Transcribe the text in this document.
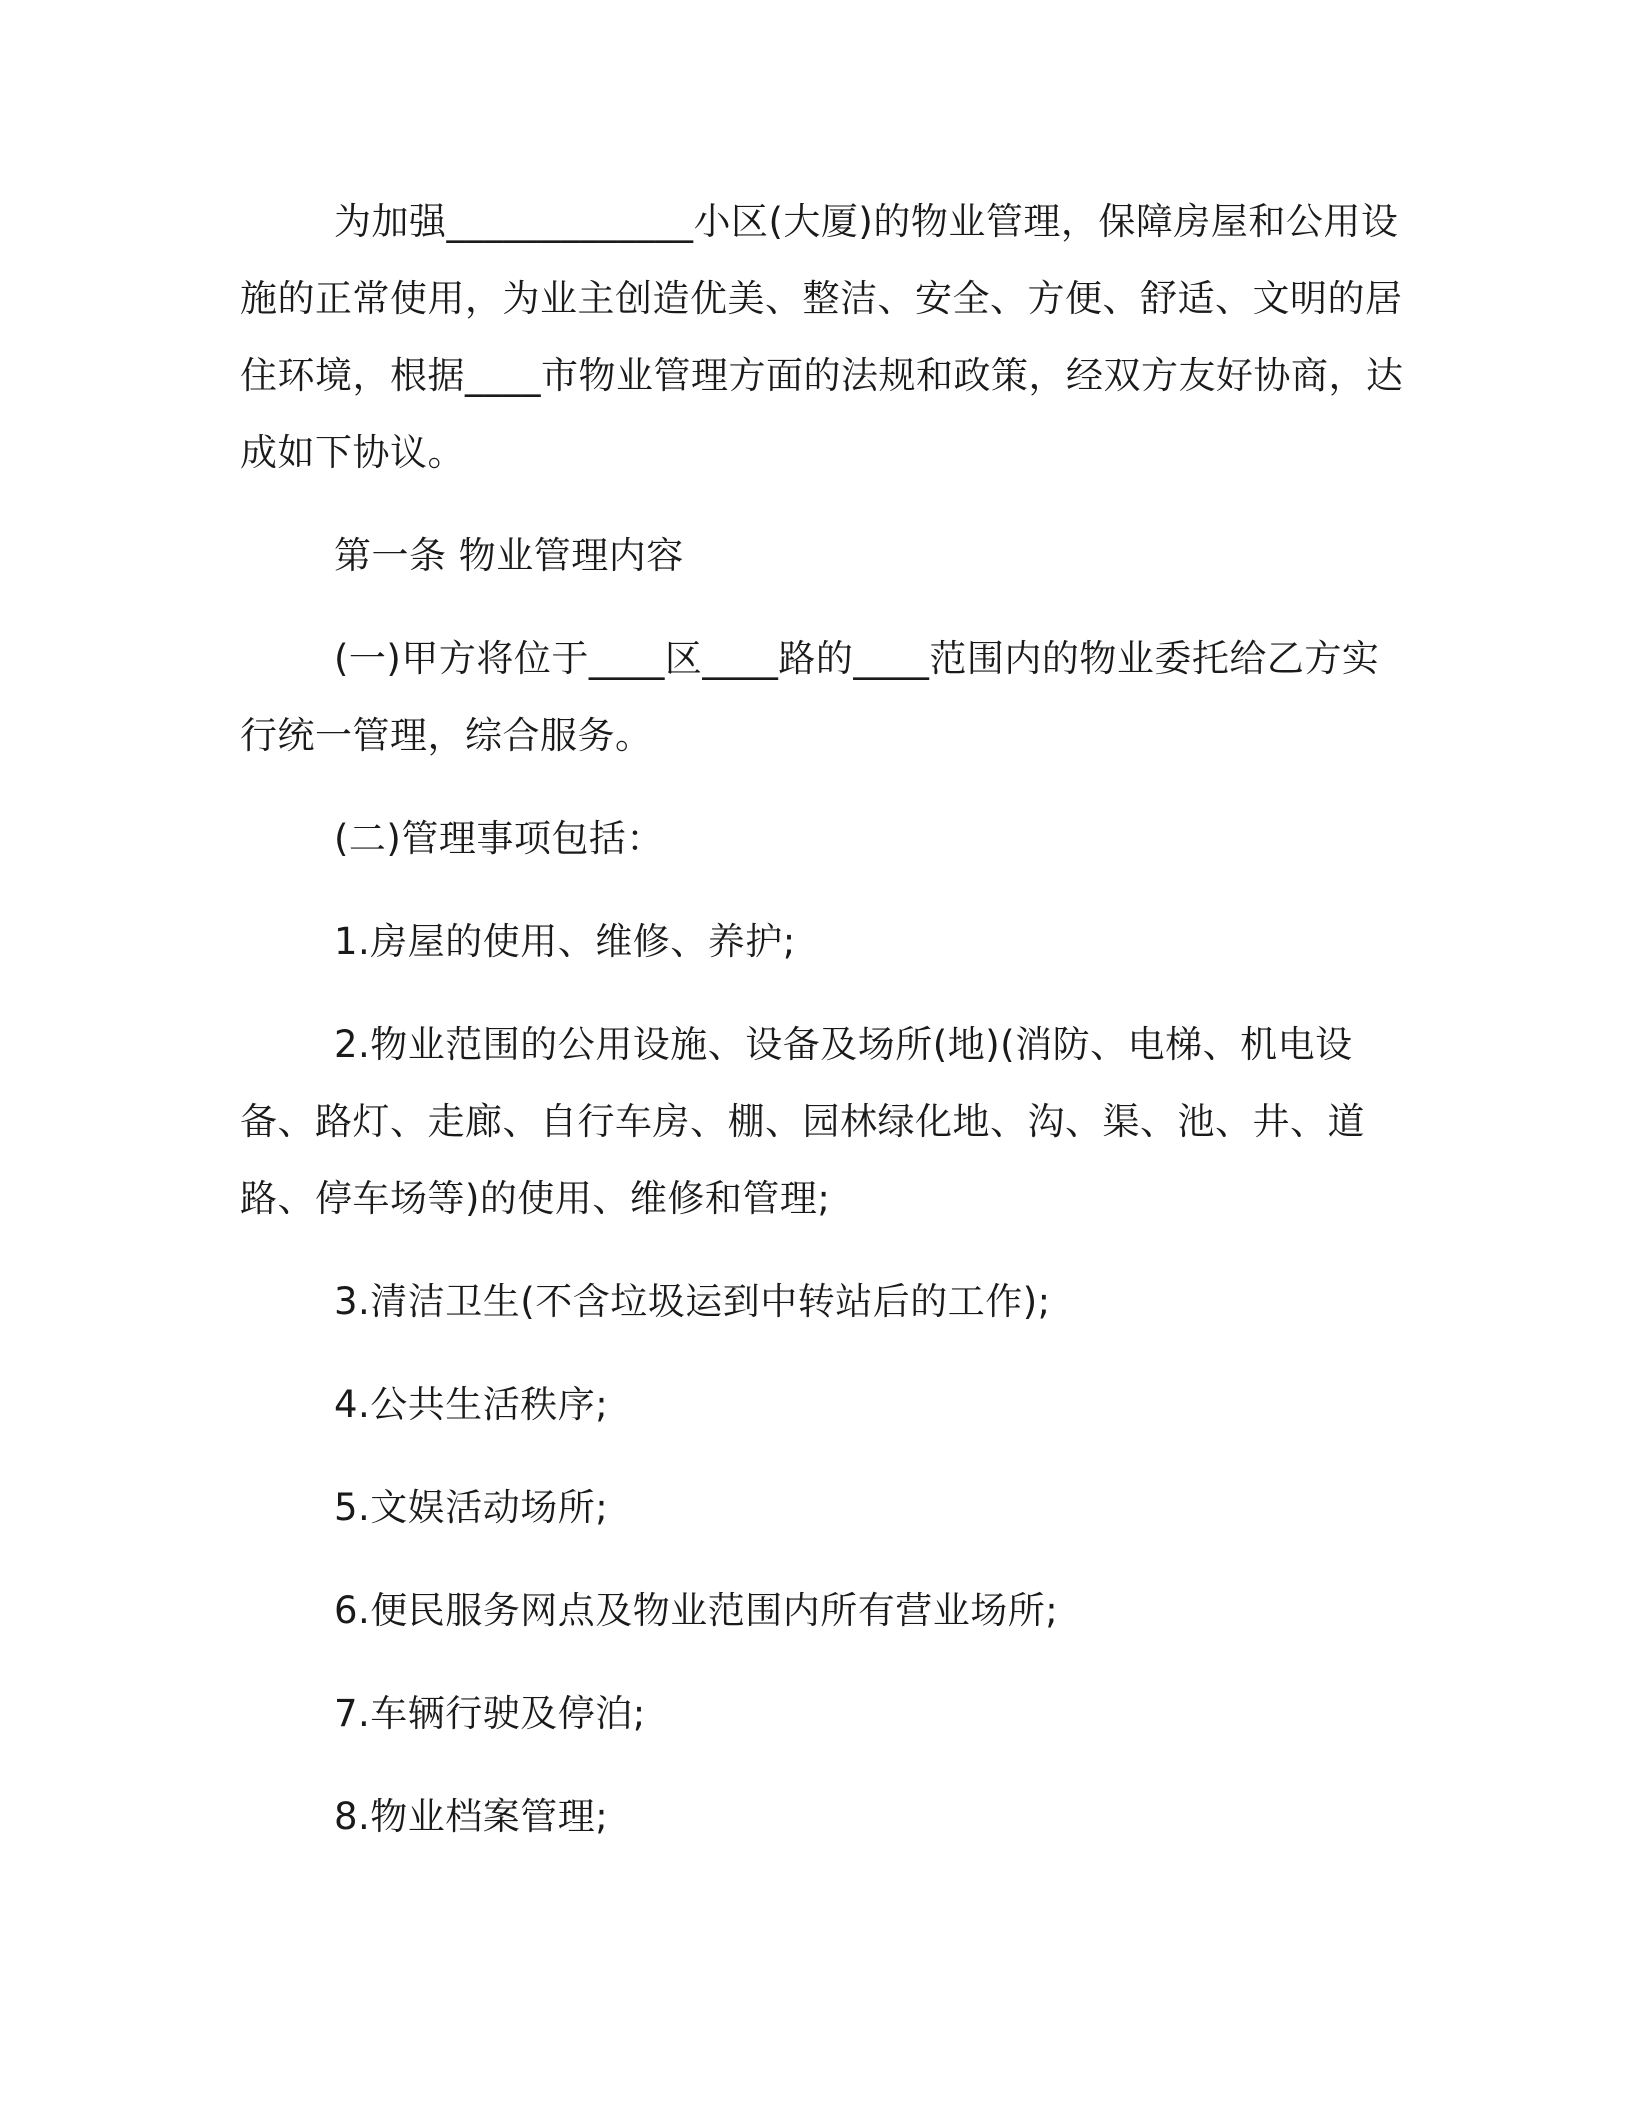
为加强_____________小区(大厦)的物业管理，保障房屋和公用设施的正常使用，为业主创造优美、整洁、安全、方便、舒适、文明的居住环境，根据____市物业管理方面的法规和政策，经双方友好协商，达成如下协议。

第一条 物业管理内容

(一)甲方将位于____区____路的____范围内的物业委托给乙方实行统一管理，综合服务。

(二)管理事项包括：

1.房屋的使用、维修、养护;

2.物业范围的公用设施、设备及场所(地)(消防、电梯、机电设备、路灯、走廊、自行车房、棚、园林绿化地、沟、渠、池、井、道路、停车场等)的使用、维修和管理;

3.清洁卫生(不含垃圾运到中转站后的工作);

4.公共生活秩序;

5.文娱活动场所;

6.便民服务网点及物业范围内所有营业场所;

7.车辆行驶及停泊;

8.物业档案管理;
